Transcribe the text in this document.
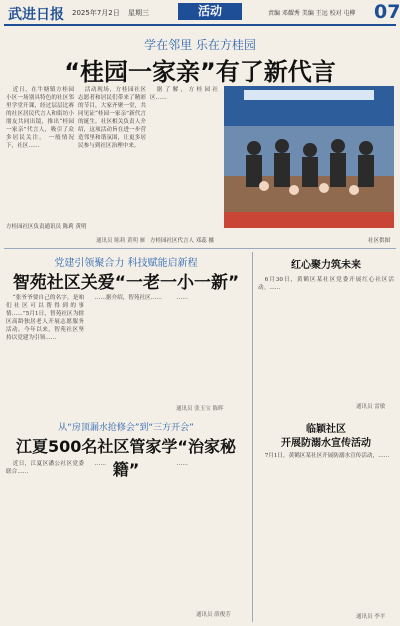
武进日报 2025年7月2日 星期三	活动	责编 邓耀秀 美编 王远 校对 屯柳 07
学在邻里 乐在方桂园
“桂园一家亲”有了新代言

近日，在牛塘镇方桂园小区一场别具特色的社区邻里学堂开课，经过层层比赛的社区居民代言人和街坊小朋友共同出镜，推出“桂园一家亲”代言人，吸引了众多居民关注。 一般情况下，社区……

活动现场，方桂园社区志愿者和居民们带来了精彩的节目，大家齐聚一堂，共同见证“桂园一家亲”新代言的诞生。社区相关负责人介绍，这项活动旨在进一步营造邻里和谐氛围，让更多居民参与到社区治理中来。

据了解，方桂园社区……

方桂园社区代言人 邓蕊 摄	社区供图
方桂园社区负责通讯员 陈莉 黄明
通讯员 陈莉 黄明 雁
党建引领聚合力 科技赋能启新程
智苑社区关爱“一老一小一新”

“张爷爷要自己的名字，是咱们社区可以帮得到的事情……”5月1日，智苑社区为辖区高龄独居老人开展志愿服务活动。今年以来，智苑社区坚持以党建为引领……

……据介绍，智苑社区……	……

通讯员 张玉宝 陈晖
从“房顶漏水抢修会”到“三方开会”
江夏500名社区管家学“治家秘籍”

近日，江夏区潘公社区党委联合……

……	……

通讯员 薛俊芳
红心聚力筑未来

6月30日，黄鹤区某社区党委开展红心社区活动。……

通讯员 雷敏
临颖社区
开展防溺水宣传活动

7月1日，黄鹤区某社区开展防溺水宣传活动，……

通讯员 李平
